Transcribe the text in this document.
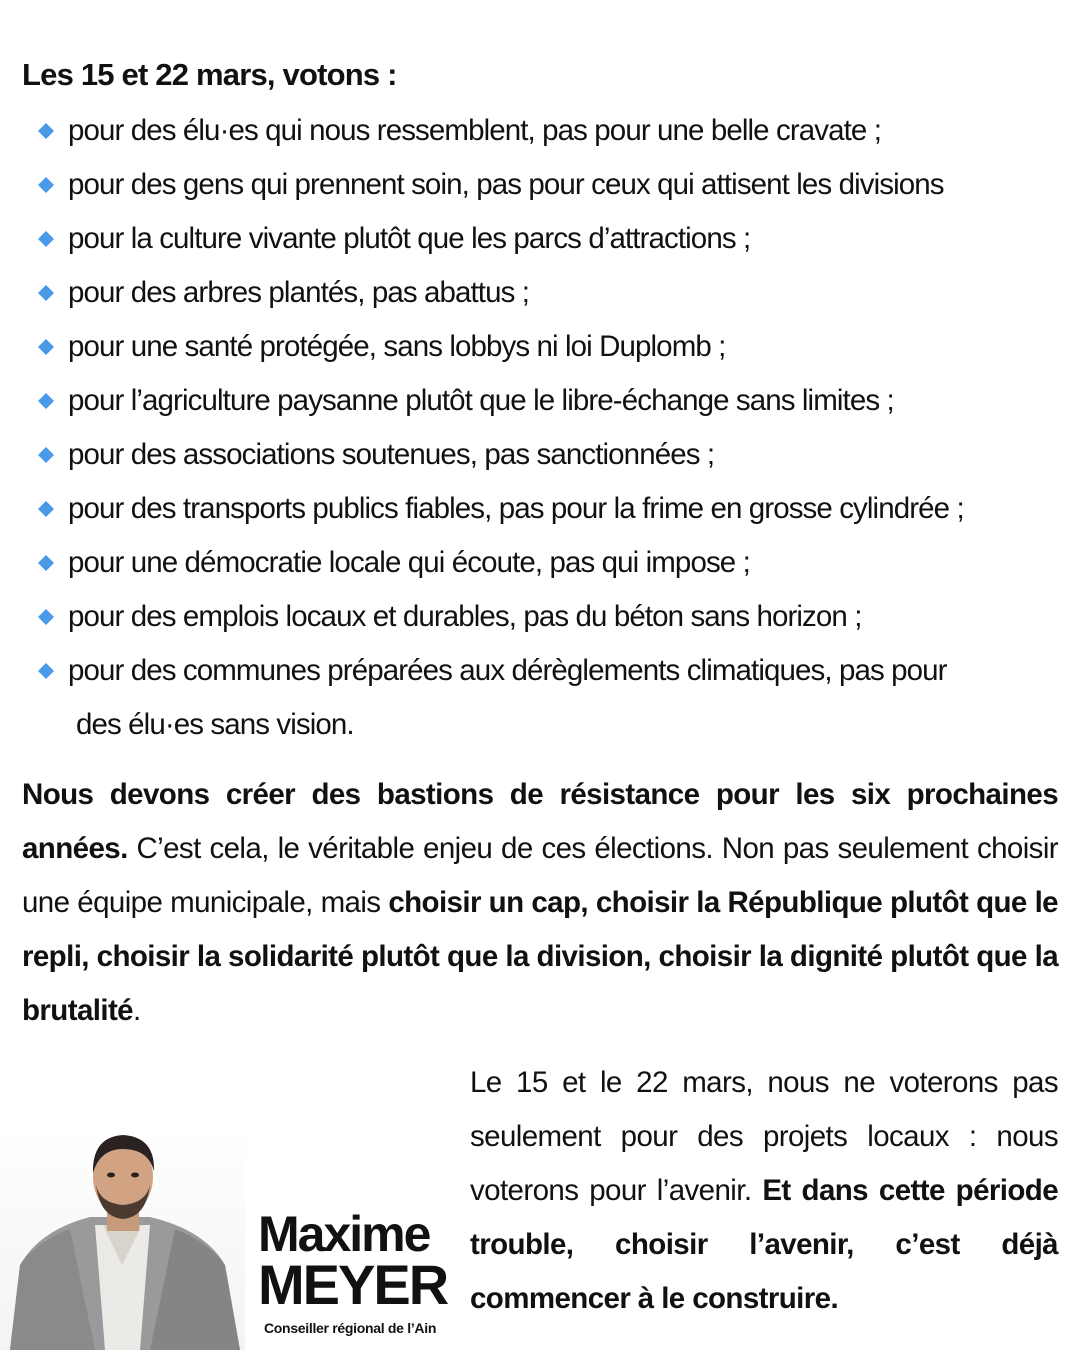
Les 15 et 22 mars, votons :
pour des élu·es qui nous ressemblent, pas pour une belle cravate ;
pour des gens qui prennent soin, pas pour ceux qui attisent les divisions
pour la culture vivante plutôt que les parcs d’attractions ;
pour des arbres plantés, pas abattus ;
pour une santé protégée, sans lobbys ni loi Duplomb ;
pour l’agriculture paysanne plutôt que le libre-échange sans limites ;
pour des associations soutenues, pas sanctionnées ;
pour des transports publics fiables, pas pour la frime en grosse cylindrée ;
pour une démocratie locale qui écoute, pas qui impose ;
pour des emplois locaux et durables, pas du béton sans horizon ;
pour des communes préparées aux dérèglements climatiques, pas pour
des élu·es sans vision.

Nous devons créer des bastions de résistance pour les six prochaines années. C’est cela, le véritable enjeu de ces élections. Non pas seulement choisir une équipe municipale, mais choisir un cap, choisir la République plutôt que le repli, choisir la solidarité plutôt que la division, choisir la dignité plutôt que la brutalité.

Maxime
MEYER
Conseiller régional de l’Ain

Le 15 et le 22 mars, nous ne voterons pas seulement pour des projets locaux : nous voterons pour l’avenir. Et dans cette période trouble, choisir l’avenir, c’est déjà commencer à le construire.
